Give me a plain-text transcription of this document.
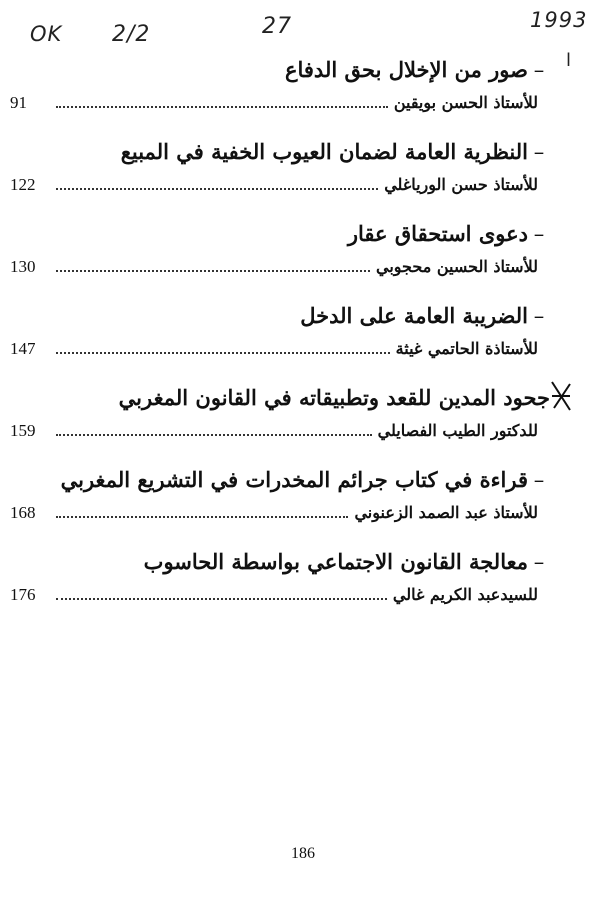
OK 2/2	27	1993
ﺍ
–صور من الإخلال بحق الدفاع
للأستاذ الحسن بويقين
91
–النظرية العامة لضمان العيوب الخفية في المبيع
للأستاذ حسن الورياغلي
122
–دعوى استحقاق عقار
للأستاذ الحسين محجوبي
130
–الضريبة العامة على الدخل
للأستاذة الحاتمي غيثة
147
جحود المدين للقعد وتطبيقاته في القانون المغربي
للدكتور الطيب الفصايلي
159
–قراءة في كتاب جرائم المخدرات في التشريع المغربي
للأستاذ عبد الصمد الزعنوني
168
–معالجة القانون الاجتماعي بواسطة الحاسوب
للسيدعبد الكريم غالي
176
186
